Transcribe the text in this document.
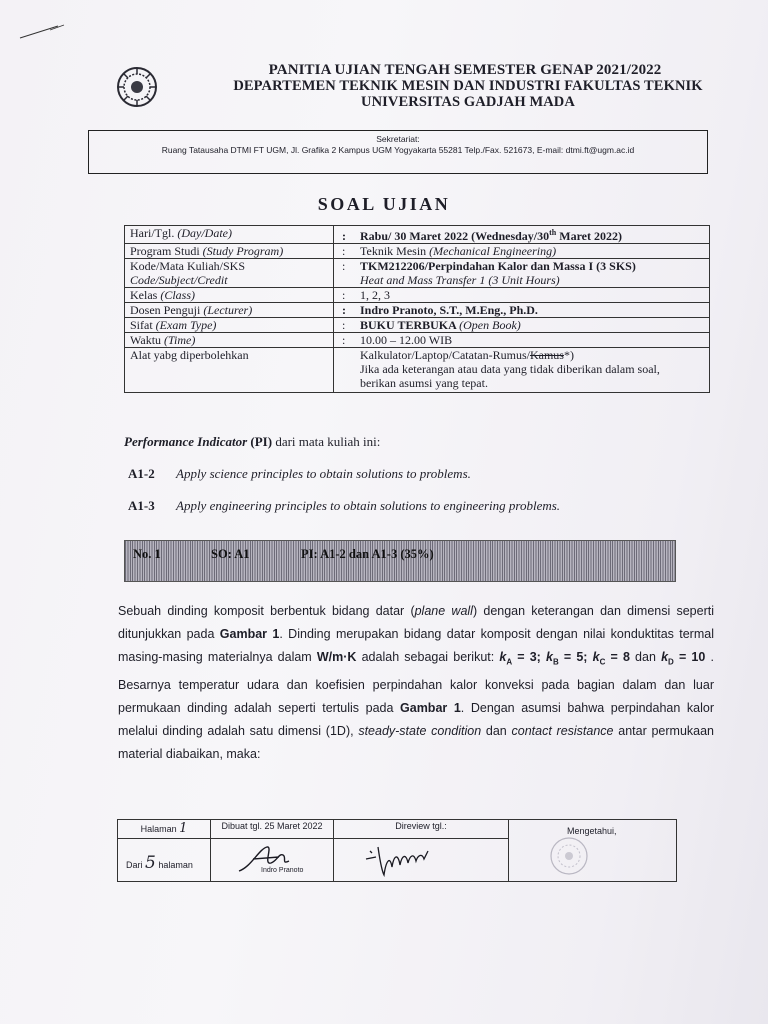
PANITIA UJIAN TENGAH SEMESTER GENAP 2021/2022
DEPARTEMEN TEKNIK MESIN DAN INDUSTRI FAKULTAS TEKNIK
UNIVERSITAS GADJAH MADA
Sekretariat:
Ruang Tatausaha DTMI FT UGM, Jl. Grafika 2 Kampus UGM Yogyakarta 55281 Telp./Fax. 521673, E-mail: dtmi.ft@ugm.ac.id
SOAL UJIAN
Hari/Tgl. (Day/Date)	: Rabu/ 30 Maret 2022 (Wednesday/30th Maret 2022)
Program Studi (Study Program)	: Teknik Mesin (Mechanical Engineering)
Kode/Mata Kuliah/SKS
Code/Subject/Credit	: TKM212206/Perpindahan Kalor dan Massa I (3 SKS)
Heat and Mass Transfer 1 (3 Unit Hours)
Kelas (Class)	: 1, 2, 3
Dosen Penguji (Lecturer)	: Indro Pranoto, S.T., M.Eng., Ph.D.
Sifat (Exam Type)	: BUKU TERBUKA (Open Book)
Waktu (Time)	: 10.00 – 12.00 WIB
Alat yabg diperbolehkan	Kalkulator/Laptop/Catatan-Rumus/Kamus*)
Jika ada keterangan atau data yang tidak diberikan dalam soal,
berikan asumsi yang tepat.
Performance Indicator (PI) dari mata kuliah ini:
A1-2 Apply science principles to obtain solutions to problems.
A1-3 Apply engineering principles to obtain solutions to engineering problems.
No. 1	SO: A1	PI: A1-2 dan A1-3 (35%)
Sebuah dinding komposit berbentuk bidang datar (plane wall) dengan keterangan dan dimensi seperti ditunjukkan pada Gambar 1. Dinding merupakan bidang datar komposit dengan nilai konduktitas termal masing-masing materialnya dalam W/m·K adalah sebagai berikut: $k_A = 3$; $k_B = 5$; $k_C = 8$ dan $k_D = 10$ . Besarnya temperatur udara dan koefisien perpindahan kalor konveksi pada bagian dalam dan luar permukaan dinding adalah seperti tertulis pada Gambar 1. Dengan asumsi bahwa perpindahan kalor melalui dinding adalah satu dimensi (1D), steady-state condition dan contact resistance antar permukaan material diabaikan, maka:
Halaman 1	Dibuat tgl. 25 Maret 2022	Direview tgl.:	Mengetahui,

Dari 5 halaman	Indro Pranoto
